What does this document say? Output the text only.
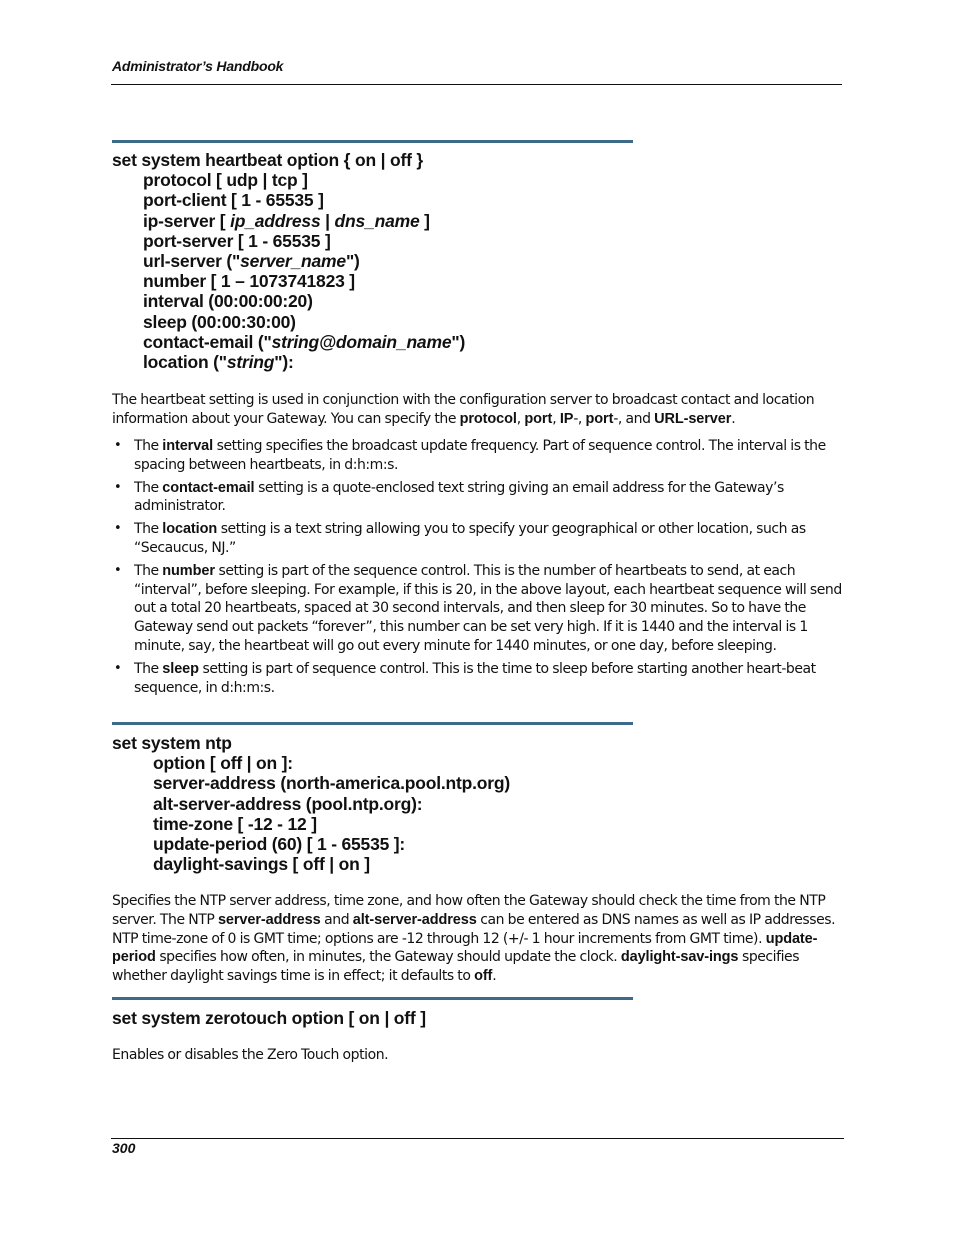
Administrator’s Handbook
set system heartbeat option { on | off }
protocol [ udp | tcp ]
port-client [ 1 - 65535 ]
ip-server [ ip_address | dns_name ]
port-server [ 1 - 65535 ]
url-server ("server_name")
number [ 1 – 1073741823 ]
interval (00:00:00:20)
sleep (00:00:30:00)
contact-email ("string@domain_name")
location ("string"):
The heartbeat setting is used in conjunction with the configuration server to broadcast contact and location information about your Gateway. You can specify the protocol, port, IP-, port-, and URL-server.
• The interval setting specifies the broadcast update frequency. Part of sequence control. The interval is the spacing between heartbeats, in d:h:m:s.
• The contact-email setting is a quote-enclosed text string giving an email address for the Gateway’s administrator.
• The location setting is a text string allowing you to specify your geographical or other location, such as “Secaucus, NJ.”
• The number setting is part of the sequence control. This is the number of heartbeats to send, at each “interval”, before sleeping. For example, if this is 20, in the above layout, each heartbeat sequence will send out a total 20 heartbeats, spaced at 30 second intervals, and then sleep for 30 minutes. So to have the Gateway send out packets “forever”, this number can be set very high. If it is 1440 and the interval is 1 minute, say, the heartbeat will go out every minute for 1440 minutes, or one day, before sleeping.
• The sleep setting is part of sequence control. This is the time to sleep before starting another heart-beat sequence, in d:h:m:s.
set system ntp
option [ off | on ]:
server-address (north-america.pool.ntp.org)
alt-server-address (pool.ntp.org):
time-zone [ -12 - 12 ]
update-period (60) [ 1 - 65535 ]:
daylight-savings [ off | on ]
Specifies the NTP server address, time zone, and how often the Gateway should check the time from the NTP server. The NTP server-address and alt-server-address can be entered as DNS names as well as IP addresses. NTP time-zone of 0 is GMT time; options are -12 through 12 (+/- 1 hour increments from GMT time). update-period specifies how often, in minutes, the Gateway should update the clock. daylight-sav-ings specifies whether daylight savings time is in effect; it defaults to off.
set system zerotouch option [ on | off ]
Enables or disables the Zero Touch option.
300
